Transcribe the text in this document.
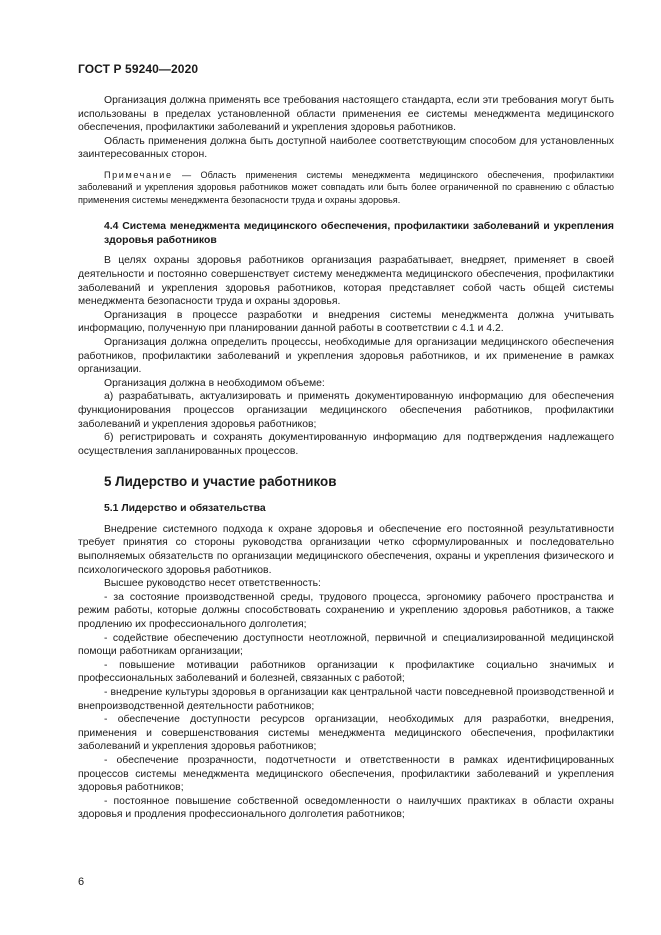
ГОСТ Р 59240—2020

Организация должна применять все требования настоящего стандарта, если эти требования могут быть использованы в пределах установленной области применения ее системы менеджмента медицинского обеспечения, профилактики заболеваний и укрепления здоровья работников.

Область применения должна быть доступной наиболее соответствующим способом для установленных заинтересованных сторон.

Примечание — Область применения системы менеджмента медицинского обеспечения, профилактики заболеваний и укрепления здоровья работников может совпадать или быть более ограниченной по сравнению с областью применения системы менеджмента безопасности труда и охраны здоровья.

4.4 Система менеджмента медицинского обеспечения, профилактики заболеваний и укрепления здоровья работников

В целях охраны здоровья работников организация разрабатывает, внедряет, применяет в своей деятельности и постоянно совершенствует систему менеджмента медицинского обеспечения, профилактики заболеваний и укрепления здоровья работников, которая представляет собой часть общей системы менеджмента безопасности труда и охраны здоровья.

Организация в процессе разработки и внедрения системы менеджмента должна учитывать информацию, полученную при планировании данной работы в соответствии с 4.1 и 4.2.

Организация должна определить процессы, необходимые для организации медицинского обеспечения работников, профилактики заболеваний и укрепления здоровья работников, и их применение в рамках организации.

Организация должна в необходимом объеме:

а) разрабатывать, актуализировать и применять документированную информацию для обеспечения функционирования процессов организации медицинского обеспечения работников, профилактики заболеваний и укрепления здоровья работников;

б) регистрировать и сохранять документированную информацию для подтверждения надлежащего осуществления запланированных процессов.

5 Лидерство и участие работников
5.1 Лидерство и обязательства

Внедрение системного подхода к охране здоровья и обеспечение его постоянной результативности требует принятия со стороны руководства организации четко сформулированных и последовательно выполняемых обязательств по организации медицинского обеспечения, охраны и укрепления физического и психологического здоровья работников.

Высшее руководство несет ответственность:

- за состояние производственной среды, трудового процесса, эргономику рабочего пространства и режим работы, которые должны способствовать сохранению и укреплению здоровья работников, а также продлению их профессионального долголетия;

- содействие обеспечению доступности неотложной, первичной и специализированной медицинской помощи работникам организации;

- повышение мотивации работников организации к профилактике социально значимых и профессиональных заболеваний и болезней, связанных с работой;

- внедрение культуры здоровья в организации как центральной части повседневной производственной и внепроизводственной деятельности работников;

- обеспечение доступности ресурсов организации, необходимых для разработки, внедрения, применения и совершенствования системы менеджмента медицинского обеспечения, профилактики заболеваний и укрепления здоровья работников;

- обеспечение прозрачности, подотчетности и ответственности в рамках идентифицированных процессов системы менеджмента медицинского обеспечения, профилактики заболеваний и укрепления здоровья работников;

- постоянное повышение собственной осведомленности о наилучших практиках в области охраны здоровья и продления профессионального долголетия работников;

6
